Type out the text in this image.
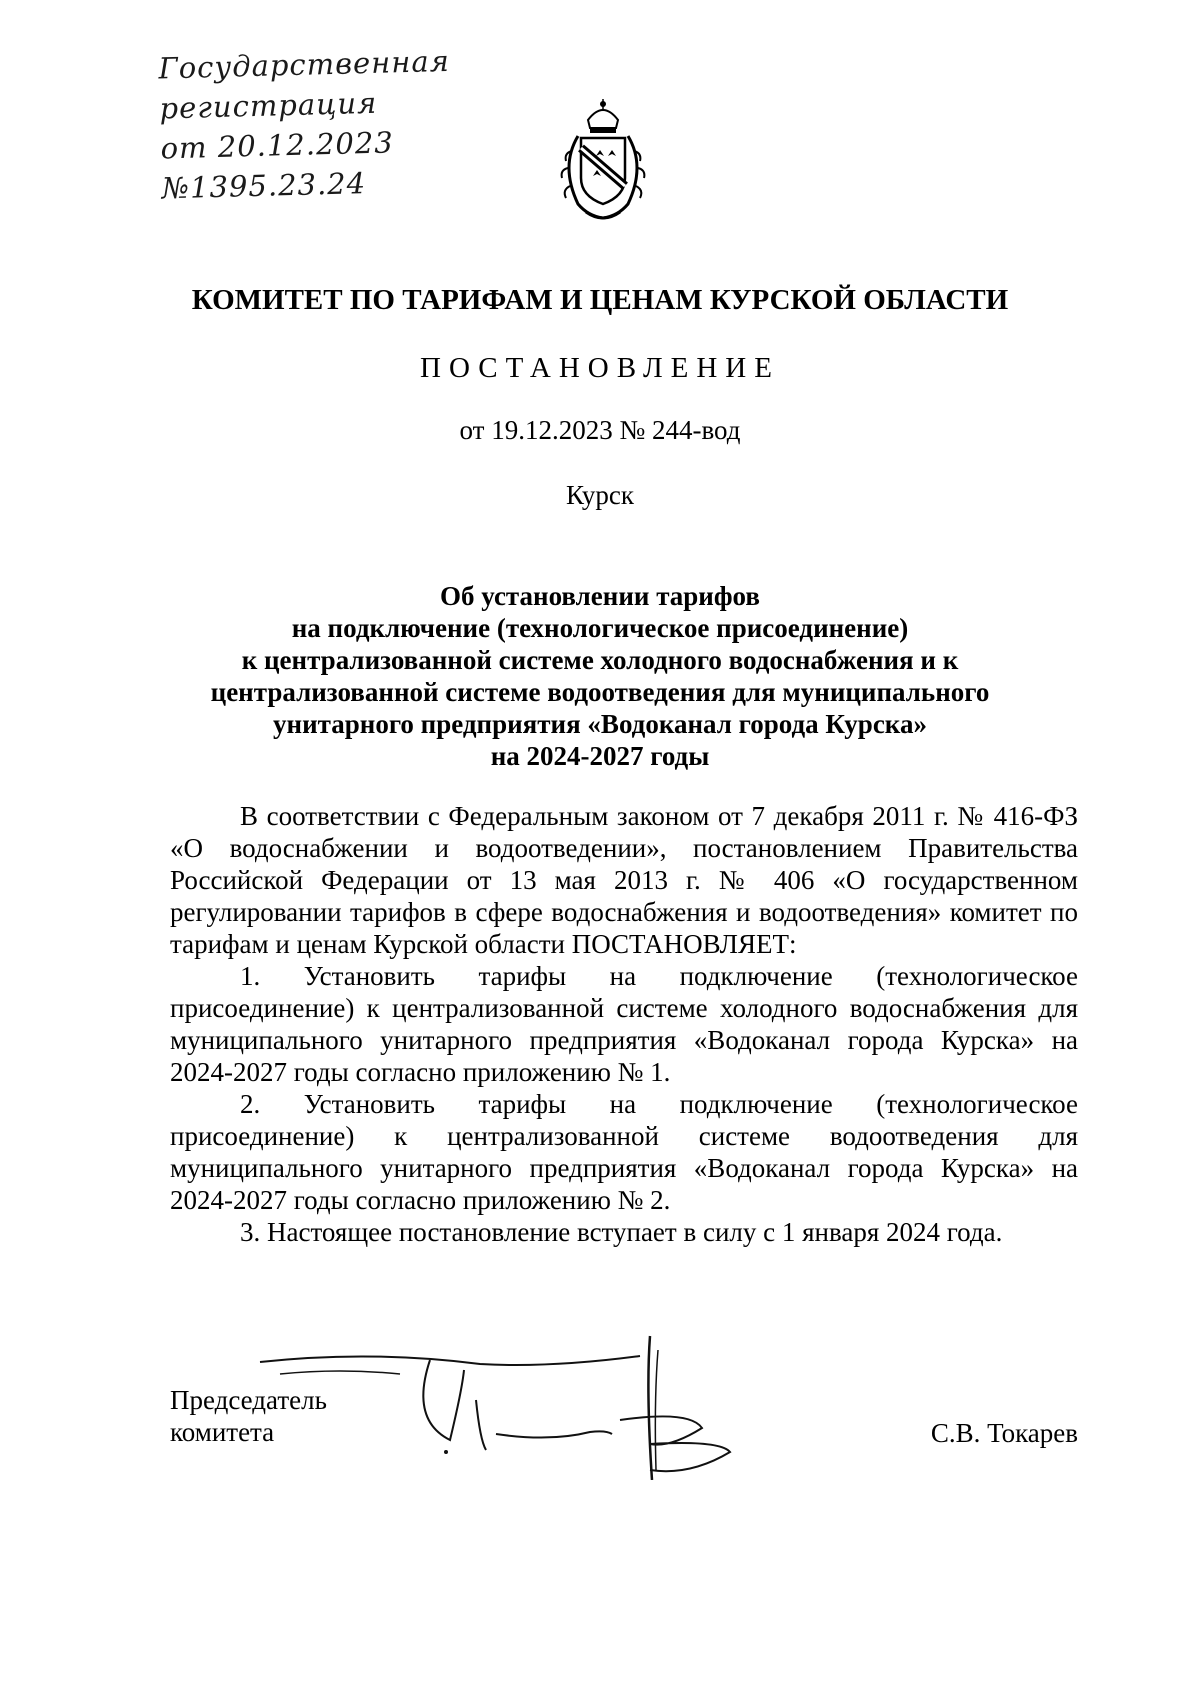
Государственная
регистрация
от 20.12.2023
№1395.23.24
КОМИТЕТ ПО ТАРИФАМ И ЦЕНАМ КУРСКОЙ ОБЛАСТИ
ПОСТАНОВЛЕНИЕ
от 19.12.2023 № 244-вод
Курск
Об установлении тарифов
на подключение (технологическое присоединение)
к централизованной системе холодного водоснабжения и к
централизованной системе водоотведения для муниципального
унитарного предприятия «Водоканал города Курска»
на 2024-2027 годы

В соответствии с Федеральным законом от 7 декабря 2011 г. № 416-ФЗ «О водоснабжении и водоотведении», постановлением Правительства Российской Федерации от 13 мая 2013 г. № 406 «О государственном регулировании тарифов в сфере водоснабжения и водоотведения» комитет по тарифам и ценам Курской области ПОСТАНОВЛЯЕТ:

1. Установить тарифы на подключение (технологическое присоединение) к централизованной системе холодного водоснабжения для муниципального унитарного предприятия «Водоканал города Курска» на 2024-2027 годы согласно приложению № 1.

2. Установить тарифы на подключение (технологическое присоединение) к централизованной системе водоотведения для муниципального унитарного предприятия «Водоканал города Курска» на 2024-2027 годы согласно приложению № 2.

3. Настоящее постановление вступает в силу с 1 января 2024 года.

Председатель
комитета	С.В. Токарев
